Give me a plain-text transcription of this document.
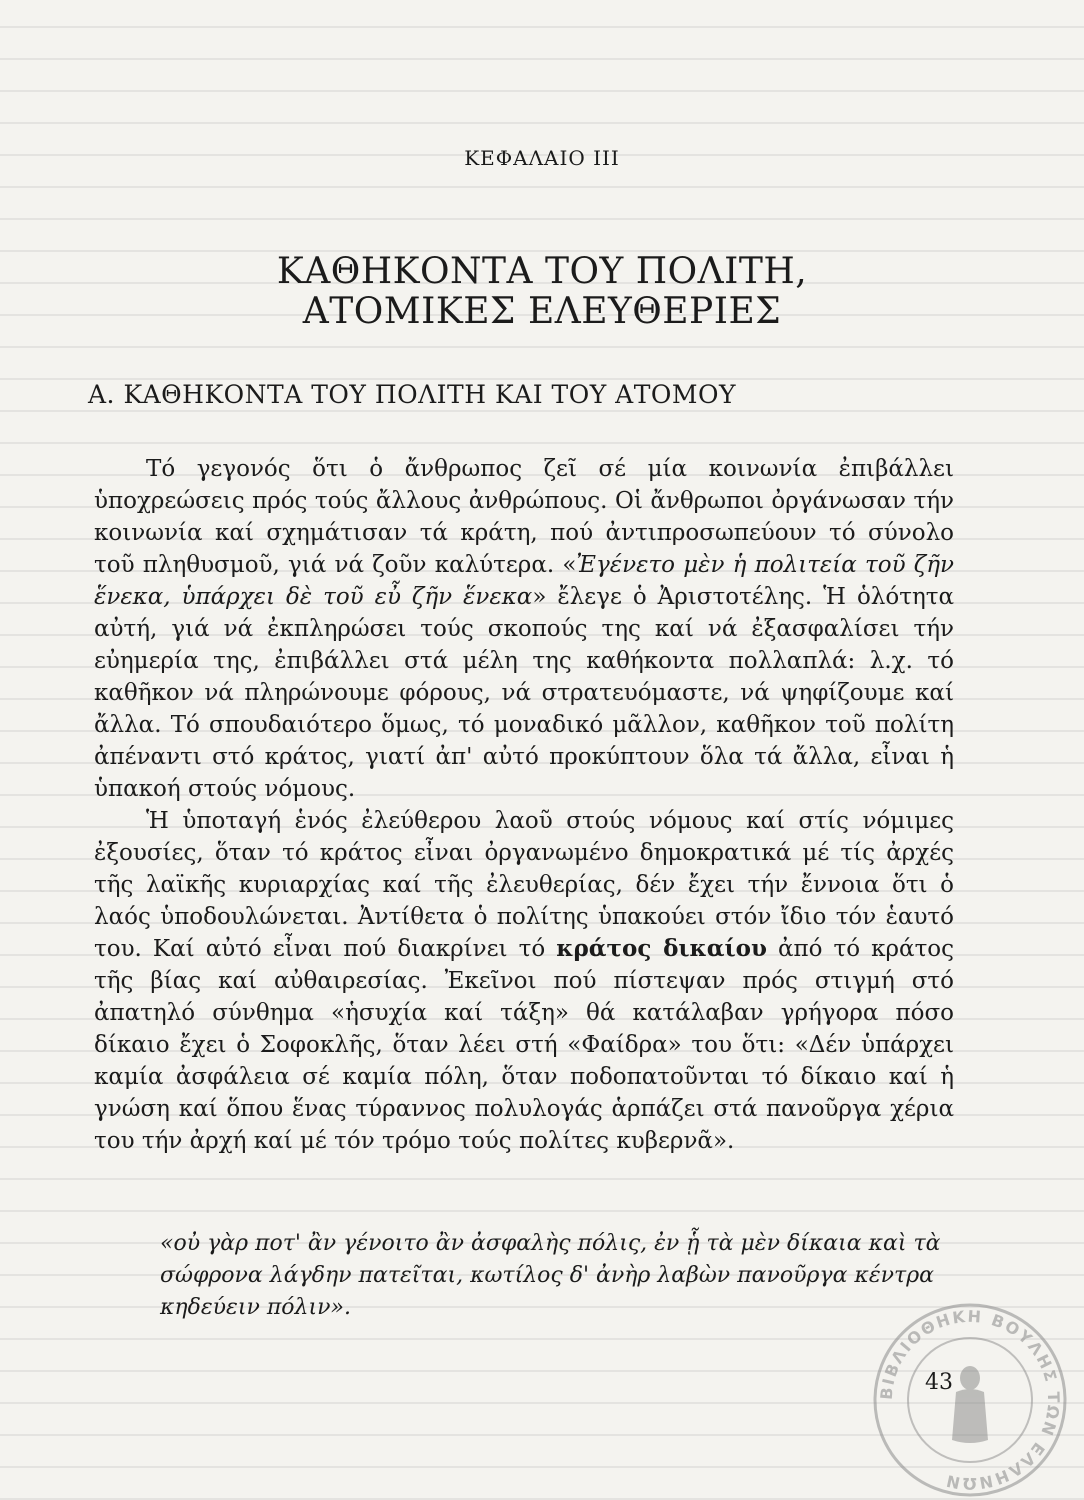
ΚΕΦΑΛΑΙΟ ΙΙΙ
ΚΑΘΗΚΟΝΤΑ ΤΟΥ ΠΟΛΙΤΗ,
ΑΤΟΜΙΚΕΣ ΕΛΕΥΘΕΡΙΕΣ
Α. ΚΑΘΗΚΟΝΤΑ ΤΟΥ ΠΟΛΙΤΗ ΚΑΙ ΤΟΥ ΑΤΟΜΟΥ

Τό γεγονός ὅτι ὁ ἄνθρωπος ζεῖ σέ μία κοινωνία ἐπιβάλλει ὑποχρεώσεις πρός τούς ἄλλους ἀνθρώπους. Οἱ ἄνθρωποι ὀργάνωσαν τήν κοινωνία καί σχημάτισαν τά κράτη, πού ἀντιπροσωπεύουν τό σύνολο τοῦ πληθυσμοῦ, γιά νά ζοῦν καλύτερα. «Ἐγένετο μὲν ἡ πολιτεία τοῦ ζῆν ἕνεκα, ὑπάρχει δὲ τοῦ εὖ ζῆν ἕνεκα» ἔλεγε ὁ Ἀριστοτέλης. Ἡ ὁλότητα αὐτή, γιά νά ἐκπληρώσει τούς σκοπούς της καί νά ἐξασφαλίσει τήν εὐημερία της, ἐπιβάλλει στά μέλη της καθήκοντα πολλαπλά: λ.χ. τό καθῆκον νά πληρώνουμε φόρους, νά στρατευόμαστε, νά ψηφίζουμε καί ἄλλα. Τό σπουδαιότερο ὅμως, τό μοναδικό μᾶλλον, καθῆκον τοῦ πολίτη ἀπέναντι στό κράτος, γιατί ἀπ' αὐτό προκύπτουν ὅλα τά ἄλλα, εἶναι ἡ ὑπακοή στούς νόμους.

Ἡ ὑποταγή ἑνός ἐλεύθερου λαοῦ στούς νόμους καί στίς νόμιμες ἐξουσίες, ὅταν τό κράτος εἶναι ὀργανωμένο δημοκρατικά μέ τίς ἀρχές τῆς λαϊκῆς κυριαρχίας καί τῆς ἐλευθερίας, δέν ἔχει τήν ἔννοια ὅτι ὁ λαός ὑποδουλώνεται. Ἀντίθετα ὁ πολίτης ὑπακούει στόν ἴδιο τόν ἑαυτό του. Καί αὐτό εἶναι πού διακρίνει τό κράτος δικαίου ἀπό τό κράτος τῆς βίας καί αὐθαιρεσίας. Ἐκεῖνοι πού πίστεψαν πρός στιγμή στό ἀπατηλό σύνθημα «ἡσυχία καί τάξη» θά κατάλαβαν γρήγορα πόσο δίκαιο ἔχει ὁ Σοφοκλῆς, ὅταν λέει στή «Φαίδρα» του ὅτι: «Δέν ὑπάρχει καμία ἀσφάλεια σέ καμία πόλη, ὅταν ποδοπατοῦνται τό δίκαιο καί ἡ γνώση καί ὅπου ἕνας τύραννος πολυλογάς ἁρπάζει στά πανοῦργα χέρια του τήν ἀρχή καί μέ τόν τρόμο τούς πολίτες κυβερνᾶ».

«οὐ γὰρ ποτ' ἂν γένοιτο ἂν ἀσφαλὴς πόλις, ἐν ᾗ τὰ μὲν δίκαια καὶ τὰ

σώφρονα λάγδην πατεῖται, κωτίλος δ' ἀνὴρ λαβὼν πανοῦργα κέντρα

κηδεύειν πόλιν».

43
ΒΙΒΛΙΟΘΗΚΗ ΒΟΥΛΗΣ ΤΩΝ ΕΛΛΗΝΩΝ
